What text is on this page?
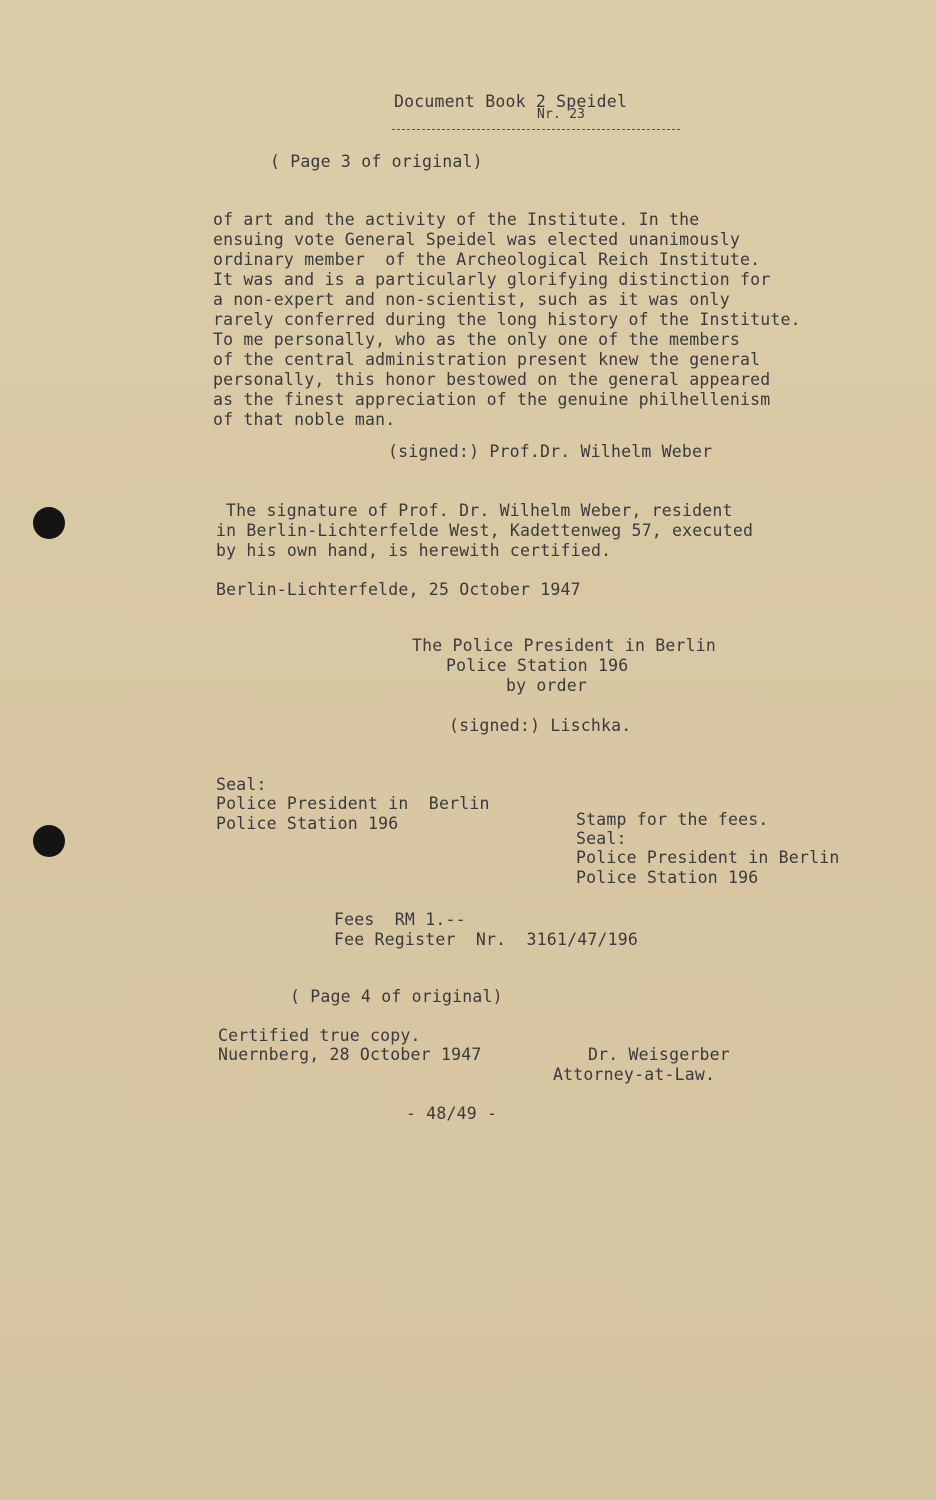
Document Book 2 Speidel
Nr. 23
( Page 3 of original)
of art and the activity of the Institute. In the
ensuing vote General Speidel was elected unanimously
ordinary member  of the Archeological Reich Institute.
It was and is a particularly glorifying distinction for
a non-expert and non-scientist, such as it was only
rarely conferred during the long history of the Institute.
To me personally, who as the only one of the members
of the central administration present knew the general
personally, this honor bestowed on the general appeared
as the finest appreciation of the genuine philhellenism
of that noble man.
(signed:) Prof.Dr. Wilhelm Weber
The signature of Prof. Dr. Wilhelm Weber, resident
in Berlin-Lichterfelde West, Kadettenweg 57, executed
by his own hand, is herewith certified.
Berlin-Lichterfelde, 25 October 1947
The Police President in Berlin
Police Station 196
by order
(signed:) Lischka.
Seal:
Police President in  Berlin
Police Station 196	Stamp for the fees.
Seal:
Police President in Berlin
Police Station 196
Fees  RM 1.--
Fee Register  Nr.  3161/47/196
( Page 4 of original)
Certified true copy.
Nuernberg, 28 October 1947	Dr. Weisgerber
Attorney-at-Law.
- 48/49 -
